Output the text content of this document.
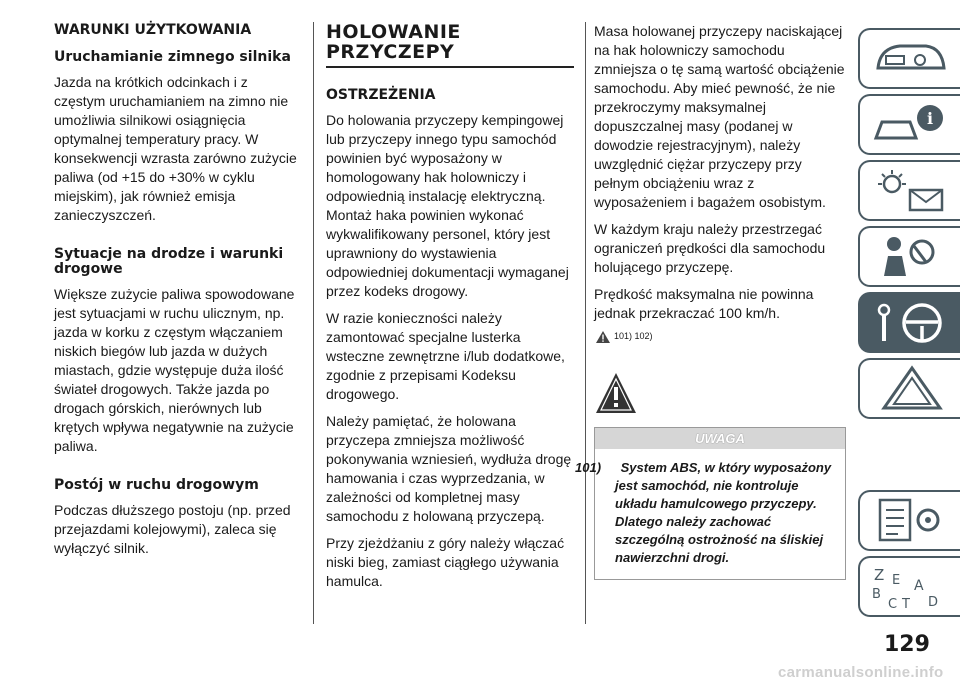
WARUNKI UŻYTKOWANIA
Uruchamianie zimnego silnika
Jazda na krótkich odcinkach i z częstym uruchamianiem na zimno nie umożliwia silnikowi osiągnięcia optymalnej temperatury pracy. W konsekwencji wzrasta zarówno zużycie paliwa (od +15 do +30% w cyklu miejskim), jak również emisja zanieczyszczeń.
Sytuacje na drodze i warunki drogowe
Większe zużycie paliwa spowodowane jest sytuacjami w ruchu ulicznym, np. jazda w korku z częstym włączaniem niskich biegów lub jazda w dużych miastach, gdzie występuje duża ilość świateł drogowych. Także jazda po drogach górskich, nierównych lub krętych wpływa negatywnie na zużycie paliwa.
Postój w ruchu drogowym
Podczas dłuższego postoju (np. przed przejazdami kolejowymi), zaleca się wyłączyć silnik.
HOLOWANIE PRZYCZEPY
OSTRZEŻENIA
Do holowania przyczepy kempingowej lub przyczepy innego typu samochód powinien być wyposażony w homologowany hak holowniczy i odpowiednią instalację elektryczną. Montaż haka powinien wykonać wykwalifikowany personel, który jest uprawniony do wystawienia odpowiedniej dokumentacji wymaganej przez kodeks drogowy.
W razie konieczności należy zamontować specjalne lusterka wsteczne zewnętrzne i/lub dodatkowe, zgodnie z przepisami Kodeksu drogowego.
Należy pamiętać, że holowana przyczepa zmniejsza możliwość pokonywania wzniesień, wydłuża drogę hamowania i czas wyprzedzania, w zależności od kompletnej masy samochodu z holowaną przyczepą.
Przy zjeżdżaniu z góry należy włączać niski bieg, zamiast ciągłego używania hamulca.
Masa holowanej przyczepy naciskającej na hak holowniczy samochodu zmniejsza o tę samą wartość obciążenie samochodu. Aby mieć pewność, że nie przekroczymy maksymalnej dopuszczalnej masy (podanej w dowodzie rejestracyjnym), należy uwzględnić ciężar przyczepy przy pełnym obciążeniu wraz z wyposażeniem i bagażem osobistym.
W każdym kraju należy przestrzegać ograniczeń prędkości dla samochodu holującego przyczepę.
Prędkość maksymalna nie powinna jednak przekraczać 100 km/h.
101) 102)
UWAGA
101) System ABS, w który wyposażony jest samochód, nie kontroluje układu hamulcowego przyczepy. Dlatego należy zachować szczególną ostrożność na śliskiej nawierzchni drogi.
i
Z E A
B
C T D
129
carmanualsonline.info
